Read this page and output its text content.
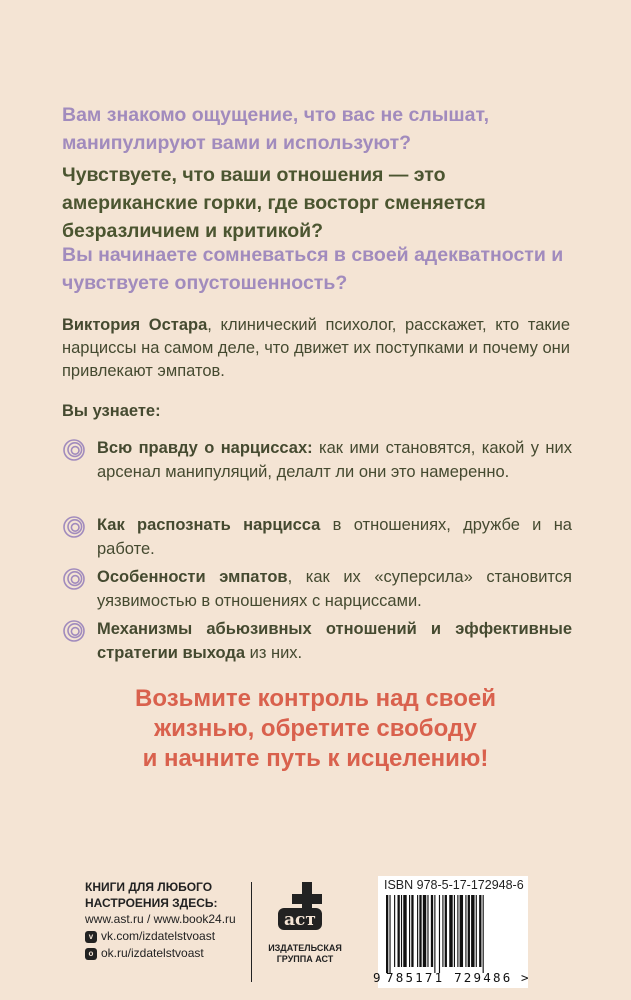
Вам знакомо ощущение, что вас не слышат, манипулируют вами и используют?

Чувствуете, что ваши отношения — это американские горки, где восторг сменяется безразличием и критикой?

Вы начинаете сомневаться в своей адекватности и чувствуете опустошенность?

Виктория Остара, клинический психолог, расскажет, кто такие нарциссы на самом деле, что движет их поступками и почему они привлекают эмпатов.

Вы узнаете:

Всю правду о нарциссах: как ими становятся, какой у них арсенал манипуляций, делалт ли они это намеренно.

Как распознать нарцисса в отношениях, дружбе и на работе.

Особенности эмпатов, как их «суперсила» становится уязвимостью в отношениях с нарциссами.

Механизмы абьюзивных отношений и эффективные стратегии выхода из них.

Возьмите контроль над своей
жизнью, обретите свободу
и начните путь к исцелению!

КНИГИ ДЛЯ ЛЮБОГО НАСТРОЕНИЯ ЗДЕСЬ:

www.ast.ru / www.book24.ru

v vk.com/izdatelstvoast
o ok.ru/izdatelstvoast
аст

ИЗДАТЕЛЬСКАЯ

ГРУППА АСТ

ISBN 978-5-17-172948-6

9 785171 729486 >
